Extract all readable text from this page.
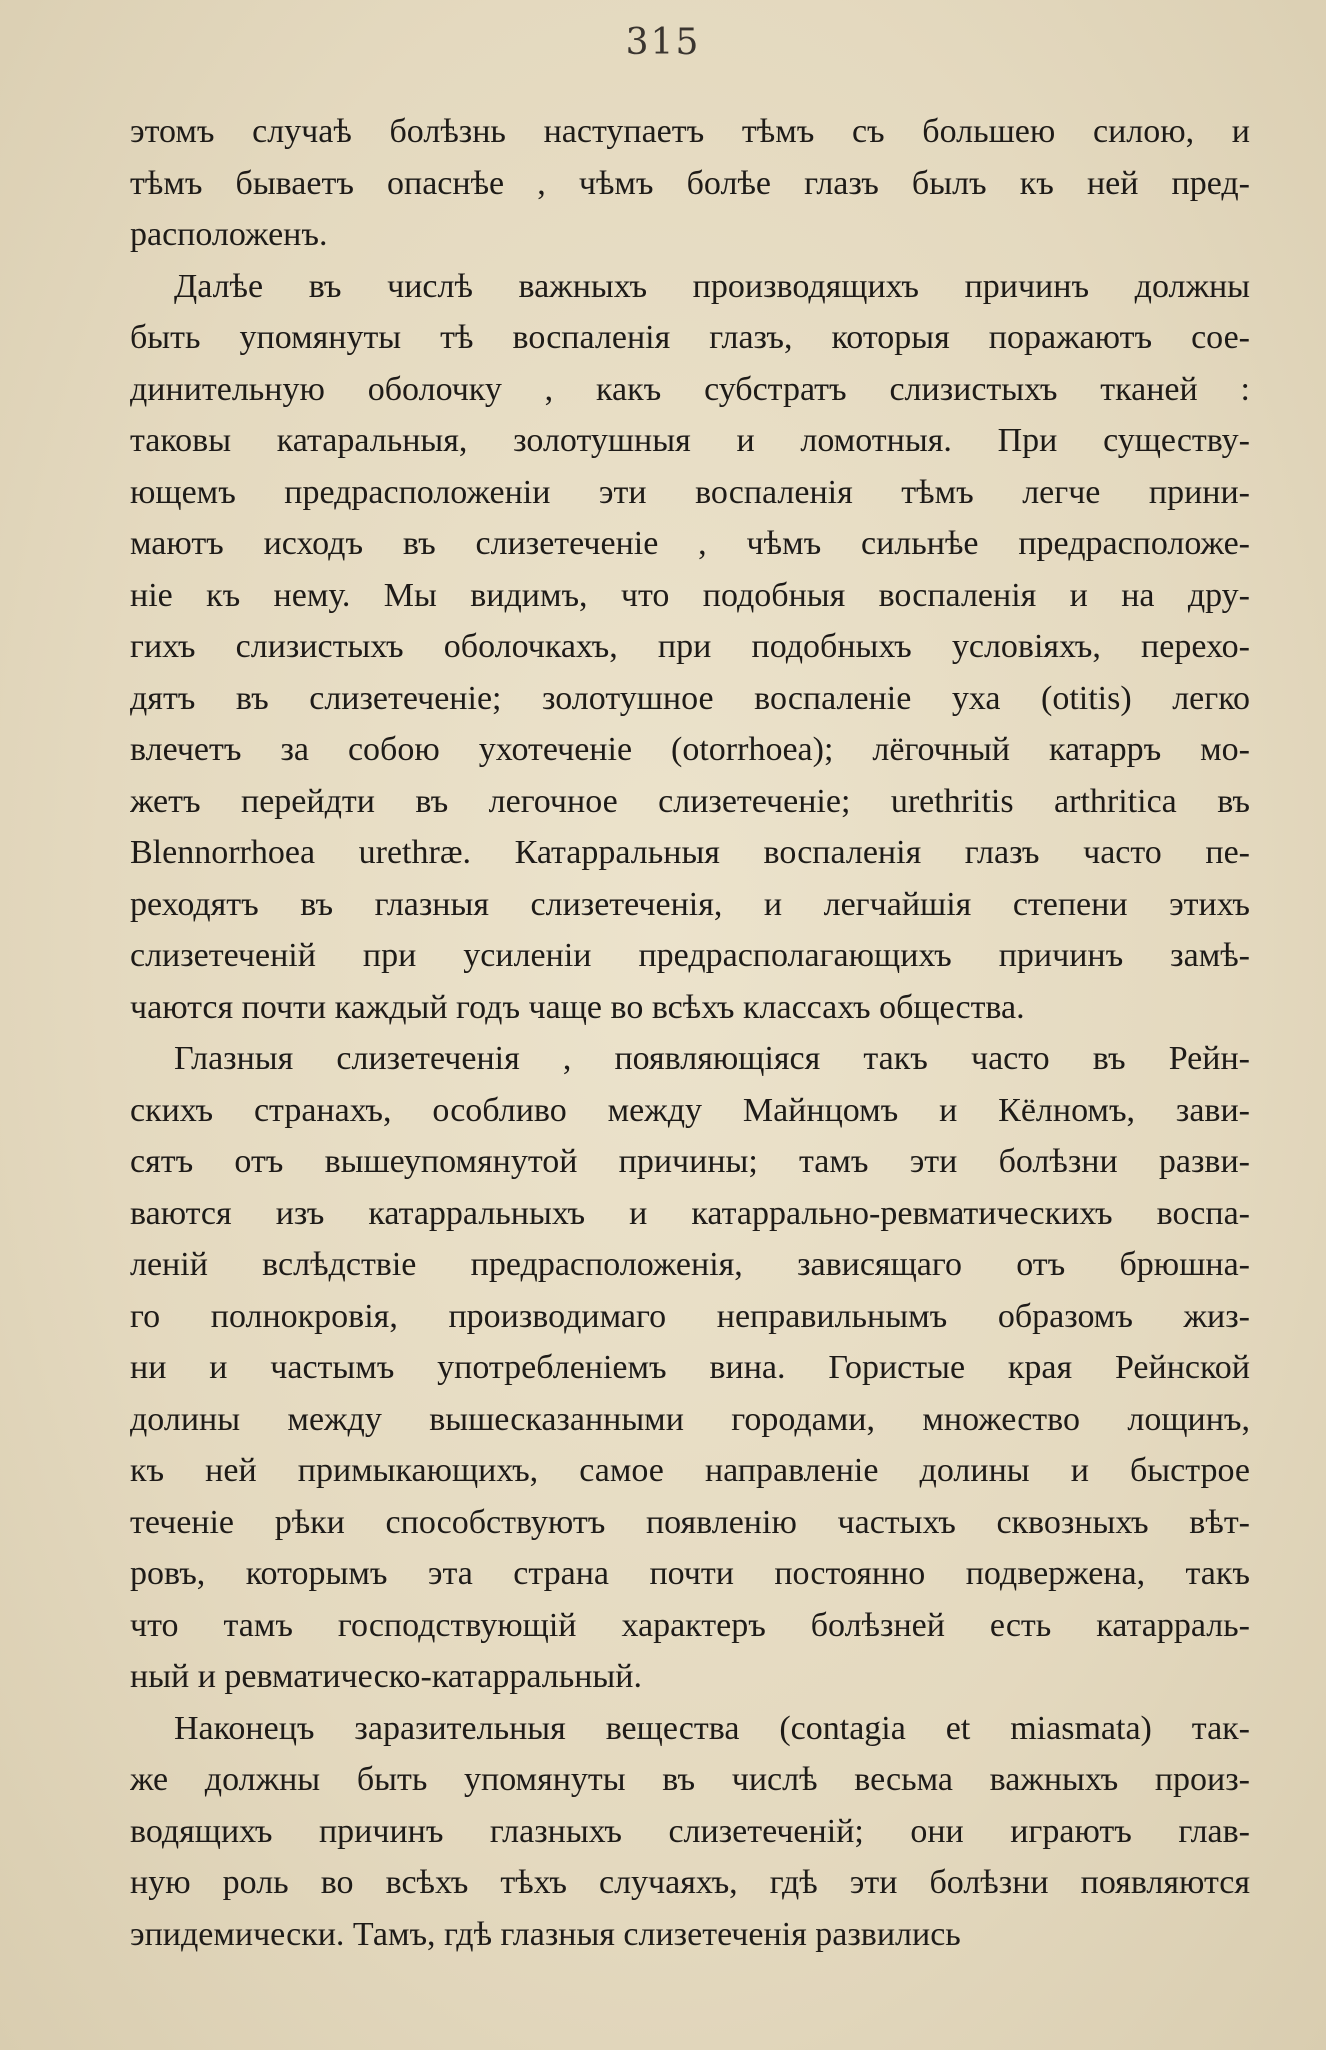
315
этомъ случаѣ болѣзнь наступаетъ тѣмъ съ большею силою, и
тѣмъ бываетъ опаснѣе , чѣмъ болѣе глазъ былъ къ ней пред-
расположенъ.
Далѣе въ числѣ важныхъ производящихъ причинъ должны
быть упомянуты тѣ воспаленія глазъ, которыя поражаютъ сое-
динительную оболочку , какъ субстратъ слизистыхъ тканей :
таковы катаральныя, золотушныя и ломотныя. При существу-
ющемъ предрасположеніи эти воспаленія тѣмъ легче прини-
маютъ исходъ въ слизетеченіе , чѣмъ сильнѣе предрасположе-
ніе къ нему. Мы видимъ, что подобныя воспаленія и на дру-
гихъ слизистыхъ оболочкахъ, при подобныхъ условіяхъ, перехо-
дятъ въ слизетеченіе; золотушное воспаленіе уха (otitis) легко
влечетъ за собою ухотеченіе (otorrhoea); лёгочный катарръ мо-
жетъ перейдти въ легочное слизетеченіе; urethritis arthritica въ
Blennorrhoea urethræ. Катарральныя воспаленія глазъ часто пе-
реходятъ въ глазныя слизетеченія, и легчайшія степени этихъ
слизетеченій при усиленіи предрасполагающихъ причинъ замѣ-
чаются почти каждый годъ чаще во всѣхъ классахъ общества.
Глазныя слизетеченія , появляющіяся такъ часто въ Рейн-
скихъ странахъ, особливо между Майнцомъ и Кёлномъ, зави-
сятъ отъ вышеупомянутой причины; тамъ эти болѣзни разви-
ваются изъ катарральныхъ и катаррально-ревматическихъ воспа-
леній вслѣдствіе предрасположенія, зависящаго отъ брюшна-
го полнокровія, производимаго неправильнымъ образомъ жиз-
ни и частымъ употребленіемъ вина. Гористые края Рейнской
долины между вышесказанными городами, множество лощинъ,
къ ней примыкающихъ, самое направленіе долины и быстрое
теченіе рѣки способствуютъ появленію частыхъ сквозныхъ вѣт-
ровъ, которымъ эта страна почти постоянно подвержена, такъ
что тамъ господствующій характеръ болѣзней есть катарраль-
ный и ревматическо-катарральный.
Наконецъ заразительныя вещества (contagia et miasmata) так-
же должны быть упомянуты въ числѣ весьма важныхъ произ-
водящихъ причинъ глазныхъ слизетеченій; они играютъ глав-
ную роль во всѣхъ тѣхъ случаяхъ, гдѣ эти болѣзни появляются
эпидемически. Тамъ, гдѣ глазныя слизетеченія развились
